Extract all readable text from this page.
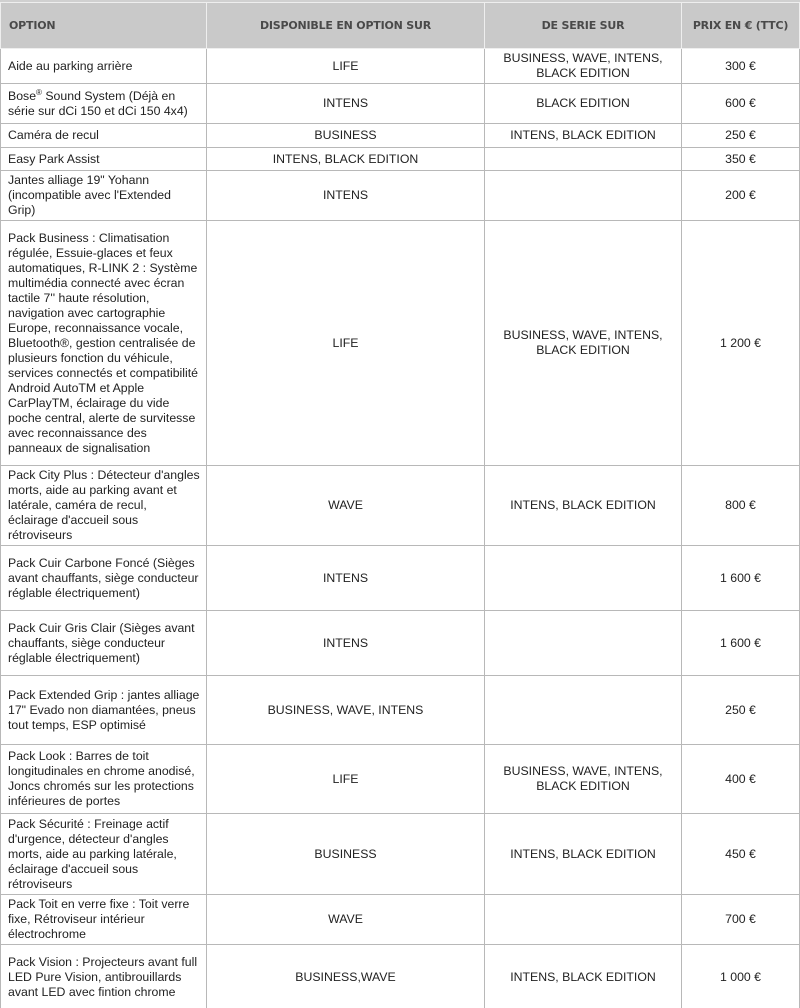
OPTION	DISPONIBLE EN OPTION SUR	DE SERIE SUR	PRIX EN € (TTC)
Aide au parking arrière	LIFE	BUSINESS, WAVE, INTENS, BLACK EDITION	300 €
Bose® Sound System (Déjà en série sur dCi 150 et dCi 150 4x4)	INTENS	BLACK EDITION	600 €
Caméra de recul	BUSINESS	INTENS, BLACK EDITION	250 €
Easy Park Assist	INTENS, BLACK EDITION		350 €
Jantes alliage 19" Yohann (incompatible avec l'Extended Grip)	INTENS		200 €
Pack Business : Climatisation régulée, Essuie-glaces et feux automatiques, R-LINK 2 : Système multimédia connecté avec écran tactile 7'' haute résolution, navigation avec cartographie Europe, reconnaissance vocale, Bluetooth®, gestion centralisée de plusieurs fonction du véhicule, services connectés et compatibilité Android AutoTM et Apple CarPlayTM, éclairage du vide poche central, alerte de survitesse avec reconnaissance des panneaux de signalisation	LIFE	BUSINESS, WAVE, INTENS, BLACK EDITION	1 200 €
Pack City Plus : Détecteur d'angles morts, aide au parking avant et latérale, caméra de recul, éclairage d'accueil sous rétroviseurs	WAVE	INTENS, BLACK EDITION	800 €
Pack Cuir Carbone Foncé (Sièges avant chauffants, siège conducteur réglable électriquement)	INTENS		1 600 €
Pack Cuir Gris Clair (Sièges avant chauffants, siège conducteur réglable électriquement)	INTENS		1 600 €
Pack Extended Grip : jantes alliage 17" Evado non diamantées, pneus tout temps, ESP optimisé	BUSINESS, WAVE, INTENS		250 €
Pack Look : Barres de toit longitudinales en chrome anodisé, Joncs chromés sur les protections inférieures de portes	LIFE	BUSINESS, WAVE, INTENS, BLACK EDITION	400 €
Pack Sécurité : Freinage actif d'urgence, détecteur d'angles morts, aide au parking latérale, éclairage d'accueil sous rétroviseurs	BUSINESS	INTENS, BLACK EDITION	450 €
Pack Toit en verre fixe : Toit verre fixe, Rétroviseur intérieur électrochrome	WAVE		700 €
Pack Vision : Projecteurs avant full LED Pure Vision, antibrouillards avant LED avec fintion chrome	BUSINESS,WAVE	INTENS, BLACK EDITION	1 000 €
